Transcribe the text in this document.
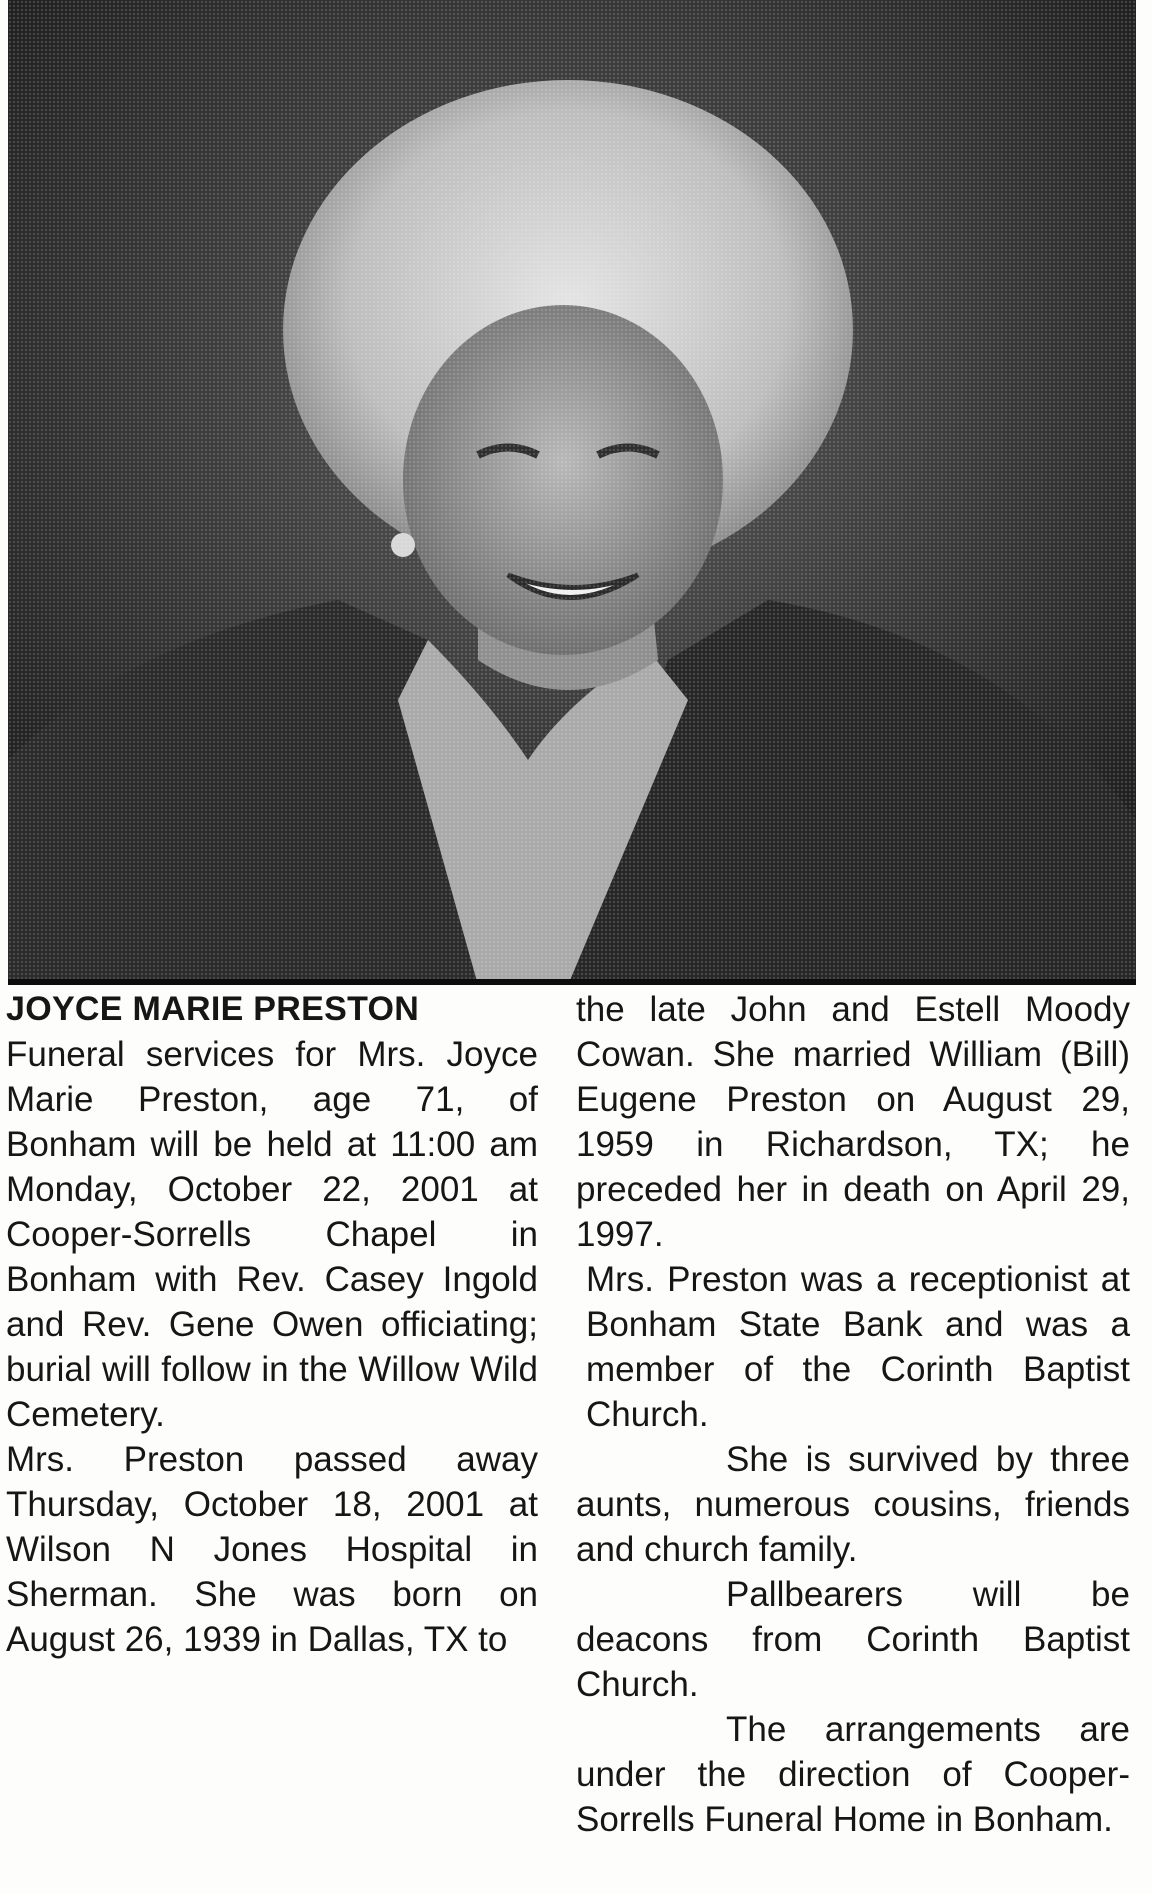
JOYCE MARIE PRESTON

Funeral services for Mrs. Joyce Marie Preston, age 71, of Bonham will be held at 11:00 am Monday, October 22, 2001 at Cooper-Sorrells Chapel in Bonham with Rev. Casey Ingold and Rev. Gene Owen officiating; burial will follow in the Willow Wild Cemetery.

Mrs. Preston passed away Thursday, October 18, 2001 at Wilson N Jones Hospital in Sherman. She was born on August 26, 1939 in Dallas, TX to

the late John and Estell Moody Cowan. She married William (Bill) Eugene Preston on August 29, 1959 in Richardson, TX; he preceded her in death on April 29, 1997.

Mrs. Preston was a receptionist at Bonham State Bank and was a member of the Corinth Baptist Church.

She is survived by three aunts, numerous cousins, friends and church family.

Pallbearers will be deacons from Corinth Baptist Church.

The arrangements are under the direction of Cooper-Sorrells Funeral Home in Bonham.
